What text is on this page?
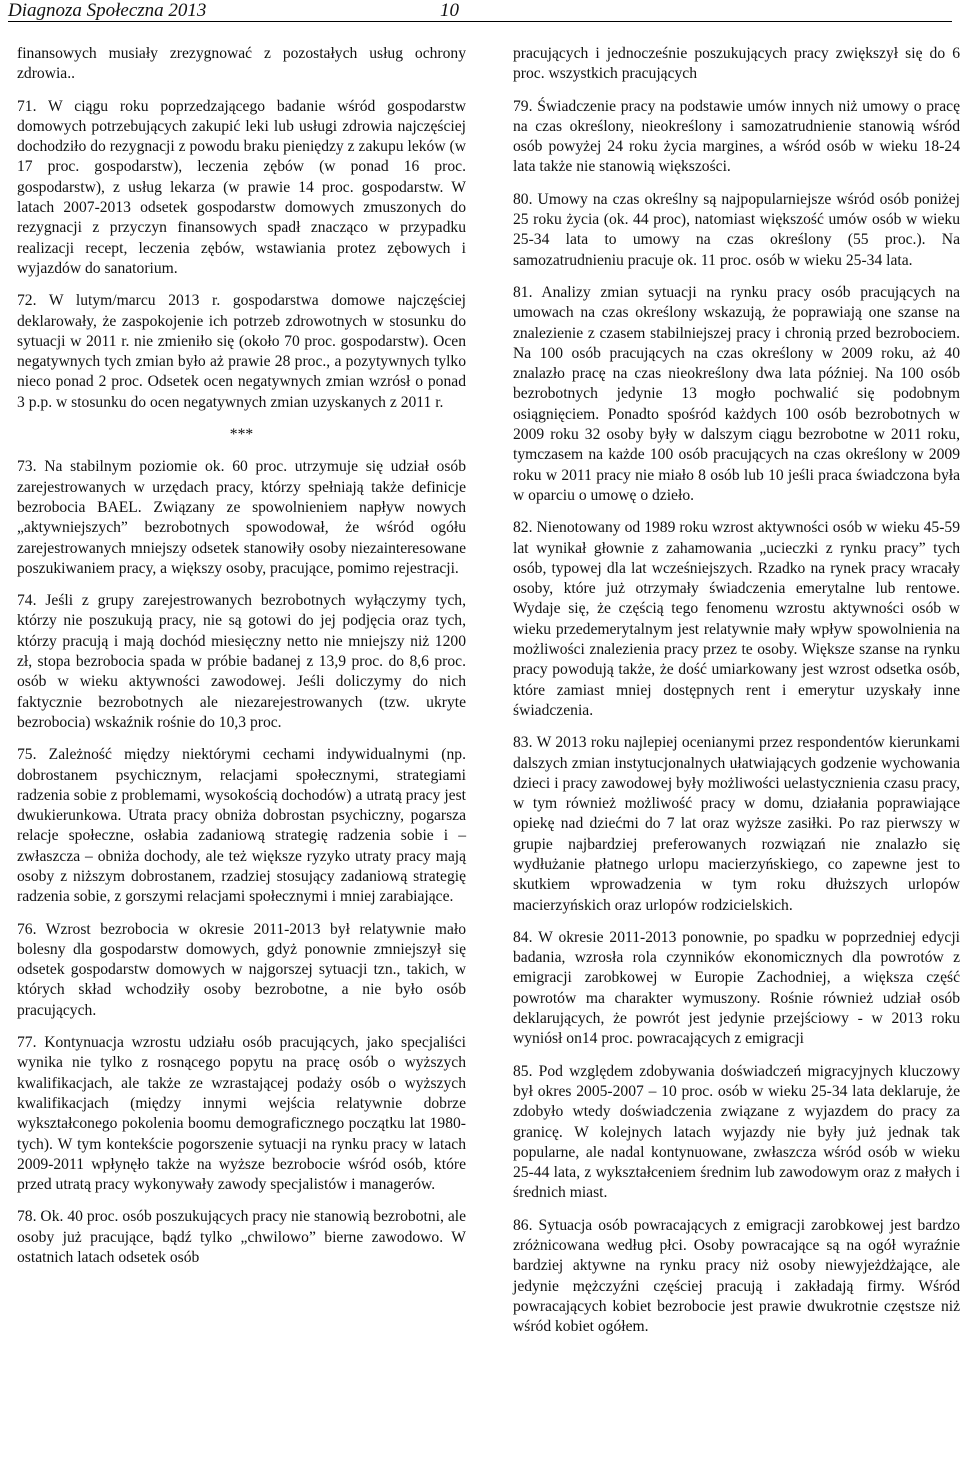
Diagnoza Społeczna 2013	10

finansowych musiały zrezygnować z pozostałych usług ochrony zdrowia..

71. W ciągu roku poprzedzającego badanie wśród gospodarstw domowych potrzebujących zakupić leki lub usługi zdrowia najczęściej dochodziło do rezygnacji z powodu braku pieniędzy z zakupu leków (w 17 proc. gospodarstw), leczenia zębów (w ponad 16 proc. gospodarstw), z usług lekarza (w prawie 14 proc. gospodarstw. W latach 2007-2013 odsetek gospodarstw domowych zmuszonych do rezygnacji z przyczyn finansowych spadł znacząco w przypadku realizacji recept, leczenia zębów, wstawiania protez zębowych i wyjazdów do sanatorium.

72. W lutym/marcu 2013 r. gospodarstwa domowe najczęściej deklarowały, że zaspokojenie ich potrzeb zdrowotnych w stosunku do sytuacji w 2011 r. nie zmieniło się (około 70 proc. gospodarstw). Ocen negatywnych tych zmian było aż prawie 28 proc., a pozytywnych tylko nieco ponad 2 proc. Odsetek ocen negatywnych zmian wzrósł o ponad 3 p.p. w stosunku do ocen negatywnych zmian uzyskanych z 2011 r.

***

73. Na stabilnym poziomie ok. 60 proc. utrzymuje się udział osób zarejestrowanych w urzędach pracy, którzy spełniają także definicje bezrobocia BAEL. Związany ze spowolnieniem napływ nowych „aktywniejszych” bezrobotnych spowodował, że wśród ogółu zarejestrowanych mniejszy odsetek stanowiły osoby niezainteresowane poszukiwaniem pracy, a większy osoby, pracujące, pomimo rejestracji.

74. Jeśli z grupy zarejestrowanych bezrobotnych wyłączymy tych, którzy nie poszukują pracy, nie są gotowi do jej podjęcia oraz tych, którzy pracują i mają dochód miesięczny netto nie mniejszy niż 1200 zł, stopa bezrobocia spada w próbie badanej z 13,9 proc. do 8,6 proc. osób w wieku aktywności zawodowej. Jeśli doliczymy do nich faktycznie bezrobotnych ale niezarejestrowanych (tzw. ukryte bezrobocia) wskaźnik rośnie do 10,3 proc.

75. Zależność między niektórymi cechami indywidualnymi (np. dobrostanem psychicznym, relacjami społecznymi, strategiami radzenia sobie z problemami, wysokością dochodów) a utratą pracy jest dwukierunkowa. Utrata pracy obniża dobrostan psychiczny, pogarsza relacje społeczne, osłabia zadaniową strategię radzenia sobie i – zwłaszcza – obniża dochody, ale też większe ryzyko utraty pracy mają osoby z niższym dobrostanem, rzadziej stosujący zadaniową strategię radzenia sobie, z gorszymi relacjami społecznymi i mniej zarabiające.

76. Wzrost bezrobocia w okresie 2011-2013 był relatywnie mało bolesny dla gospodarstw domowych, gdyż ponownie zmniejszył się odsetek gospodarstw domowych w najgorszej sytuacji tzn., takich, w których skład wchodziły osoby bezrobotne, a nie było osób pracujących.

77. Kontynuacja wzrostu udziału osób pracujących, jako specjaliści wynika nie tylko z rosnącego popytu na pracę osób o wyższych kwalifikacjach, ale także ze wzrastającej podaży osób o wyższych kwalifikacjach (między innymi wejścia relatywnie dobrze wykształconego pokolenia boomu demograficznego początku lat 1980-tych). W tym kontekście pogorszenie sytuacji na rynku pracy w latach 2009-2011 wpłynęło także na wyższe bezrobocie wśród osób, które przed utratą pracy wykonywały zawody specjalistów i managerów.

78. Ok. 40 proc. osób poszukujących pracy nie stanowią bezrobotni, ale osoby już pracujące, bądź tylko „chwilowo” bierne zawodowo. W ostatnich latach odsetek osób

pracujących i jednocześnie poszukujących pracy zwiększył się do 6 proc. wszystkich pracujących

79. Świadczenie pracy na podstawie umów innych niż umowy o pracę na czas określony, nieokreślony i samozatrudnienie stanowią wśród osób powyżej 24 roku życia margines, a wśród osób w wieku 18-24 lata także nie stanowią większości.

80. Umowy na czas określny są najpopularniejsze wśród osób poniżej 25 roku życia (ok. 44 proc), natomiast większość umów osób w wieku 25-34 lata to umowy na czas określony (55 proc.). Na samozatrudnieniu pracuje ok. 11 proc. osób w wieku 25-34 lata.

81. Analizy zmian sytuacji na rynku pracy osób pracujących na umowach na czas określony wskazują, że poprawiają one szanse na znalezienie z czasem stabilniejszej pracy i chronią przed bezrobociem. Na 100 osób pracujących na czas określony w 2009 roku, aż 40 znalazło pracę na czas nieokreślony dwa lata później. Na 100 osób bezrobotnych jedynie 13 mogło pochwalić się podobnym osiągnięciem. Ponadto spośród każdych 100 osób bezrobotnych w 2009 roku 32 osoby były w dalszym ciągu bezrobotne w 2011 roku, tymczasem na każde 100 osób pracujących na czas określony w 2009 roku w 2011 pracy nie miało 8 osób lub 10 jeśli praca świadczona była w oparciu o umowę o dzieło.

82. Nienotowany od 1989 roku wzrost aktywności osób w wieku 45-59 lat wynikał głownie z zahamowania „ucieczki z rynku pracy” tych osób, typowej dla lat wcześniejszych. Rzadko na rynek pracy wracały osoby, które już otrzymały świadczenia emerytalne lub rentowe. Wydaje się, że częścią tego fenomenu wzrostu aktywności osób w wieku przedemerytalnym jest relatywnie mały wpływ spowolnienia na możliwości znalezienia pracy przez te osoby. Większe szanse na rynku pracy powodują także, że dość umiarkowany jest wzrost odsetka osób, które zamiast mniej dostępnych rent i emerytur uzyskały inne świadczenia.

83. W 2013 roku najlepiej ocenianymi przez respondentów kierunkami dalszych zmian instytucjonalnych ułatwiających godzenie wychowania dzieci i pracy zawodowej były możliwości uelastycznienia czasu pracy, w tym również możliwość pracy w domu, działania poprawiające opiekę nad dziećmi do 7 lat oraz wyższe zasiłki. Po raz pierwszy w grupie najbardziej preferowanych rozwiązań nie znalazło się wydłużanie płatnego urlopu macierzyńskiego, co zapewne jest to skutkiem wprowadzenia w tym roku dłuższych urlopów macierzyńskich oraz urlopów rodzicielskich.

84. W okresie 2011-2013 ponownie, po spadku w poprzedniej edycji badania, wzrosła rola czynników ekonomicznych dla powrotów z emigracji zarobkowej w Europie Zachodniej, a większa część powrotów ma charakter wymuszony. Rośnie również udział osób deklarujących, że powrót jest jedynie przejściowy - w 2013 roku wyniósł on14 proc. powracających z emigracji

85. Pod względem zdobywania doświadczeń migracyjnych kluczowy był okres 2005-2007 – 10 proc. osób w wieku 25-34 lata deklaruje, że zdobyło wtedy doświadczenia związane z wyjazdem do pracy za granicę. W kolejnych latach wyjazdy nie były już jednak tak popularne, ale nadal kontynuowane, zwłaszcza wśród osób w wieku 25-44 lata, z wykształceniem średnim lub zawodowym oraz z małych i średnich miast.

86. Sytuacja osób powracających z emigracji zarobkowej jest bardzo zróżnicowana według płci. Osoby powracające są na ogół wyraźnie bardziej aktywne na rynku pracy niż osoby niewyjeżdżające, ale jedynie mężczyźni częściej pracują i zakładają firmy. Wśród powracających kobiet bezrobocie jest prawie dwukrotnie częstsze niż wśród kobiet ogółem.
